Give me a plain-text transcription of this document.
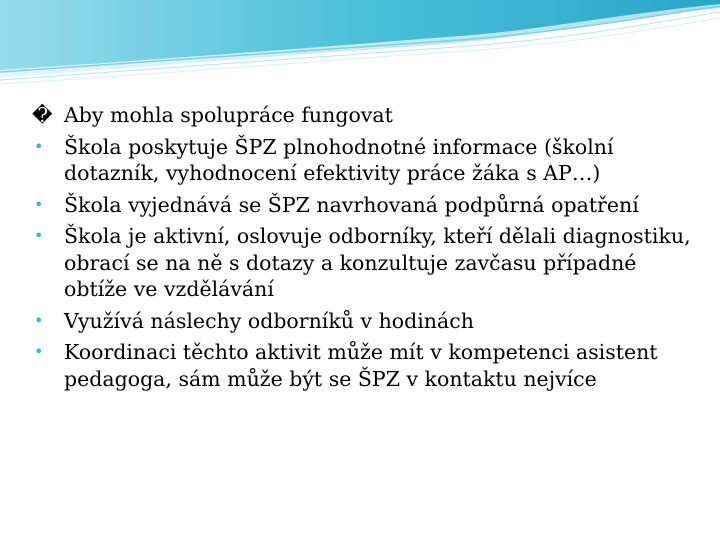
� Aby mohla spolupráce fungovat
•	Škola poskytuje ŠPZ plnohodnotné informace (školní dotazník, vyhodnocení efektivity práce žáka s AP…)
•	Škola vyjednává se ŠPZ navrhovaná podpůrná opatření
•	Škola je aktivní, oslovuje odborníky, kteří dělali diagnostiku, obrací se na ně s dotazy a konzultuje zavčasu případné obtíže ve vzdělávání
•	Využívá náslechy odborníků v hodinách
•	Koordinaci těchto aktivit může mít v kompetenci asistent pedagoga, sám může být se ŠPZ v kontaktu nejvíce
